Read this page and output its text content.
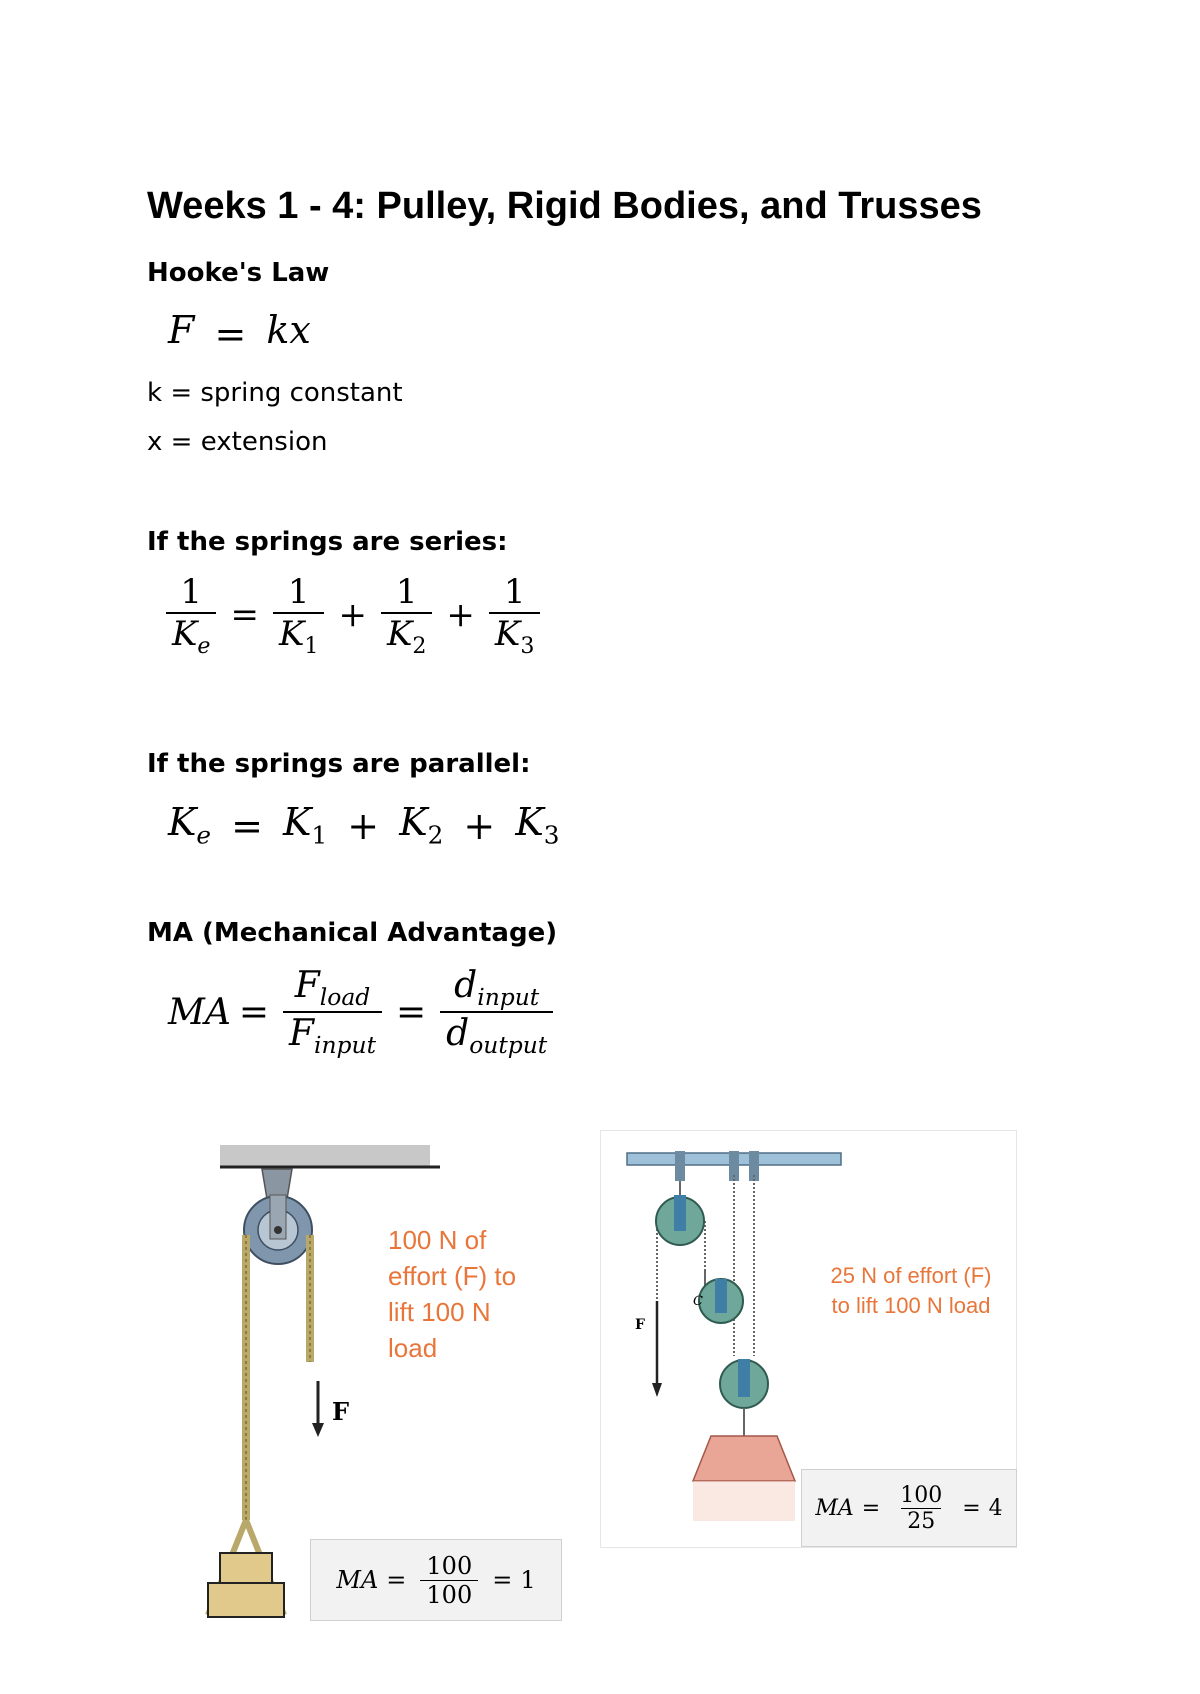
Weeks 1 - 4: Pulley, Rigid Bodies, and Trusses
Hooke's Law
F = kx
k = spring constant
x = extension
If the springs are series:
$\frac{1}{K_e} = \frac{1}{K_1} + \frac{1}{K_2} + \frac{1}{K_3}$
If the springs are parallel:
$K_e = K_1 + K_2 + K_3$
MA (Mechanical Advantage)
MA = $\frac{F_{load}}{F_{input}} = \frac{d_{input}}{d_{output}}$
F
100 N of
effort (F) to
lift 100 N
load
MA = $\frac{100}{100} = 1$
F
C
25 N of effort (F)
to lift 100 N load
MA = $\frac{100}{25} = 4$
